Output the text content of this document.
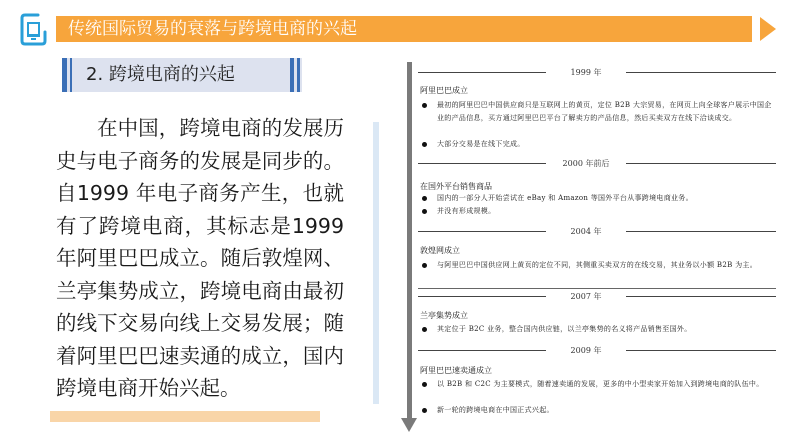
传统国际贸易的衰落与跨境电商的兴起
2. 跨境电商的兴起
在中国，跨境电商的发展历史与电子商务的发展是同步的。自1999 年电子商务产生，也就有了跨境电商，其标志是1999 年阿里巴巴成立。随后敦煌网、兰亭集势成立，跨境电商由最初的线下交易向线上交易发展；随着阿里巴巴速卖通的成立，国内跨境电商开始兴起。
1999 年
阿里巴巴成立
最初的阿里巴巴中国供应商只是互联网上的黄页，定位 B2B 大宗贸易，在网页上向全球客户展示中国企业的产品信息，买方通过阿里巴巴平台了解卖方的产品信息，然后买卖双方在线下洽谈成交。
大部分交易是在线下完成。
2000 年前后
在国外平台销售商品
国内的一部分人开始尝试在 eBay 和 Amazon 等国外平台从事跨境电商业务。
并没有形成规模。
2004 年
敦煌网成立
与阿里巴巴中国供应网上黄页的定位不同，其侧重买卖双方的在线交易，其业务以小额 B2B 为主。
2007 年
兰亭集势成立
其定位于 B2C 业务，整合国内供应链，以兰亭集势的名义将产品销售至国外。
2009 年
阿里巴巴速卖通成立
以 B2B 和 C2C 为主要模式，随着速卖通的发展，更多的中小型卖家开始加入到跨境电商的队伍中。
新一轮的跨境电商在中国正式兴起。
